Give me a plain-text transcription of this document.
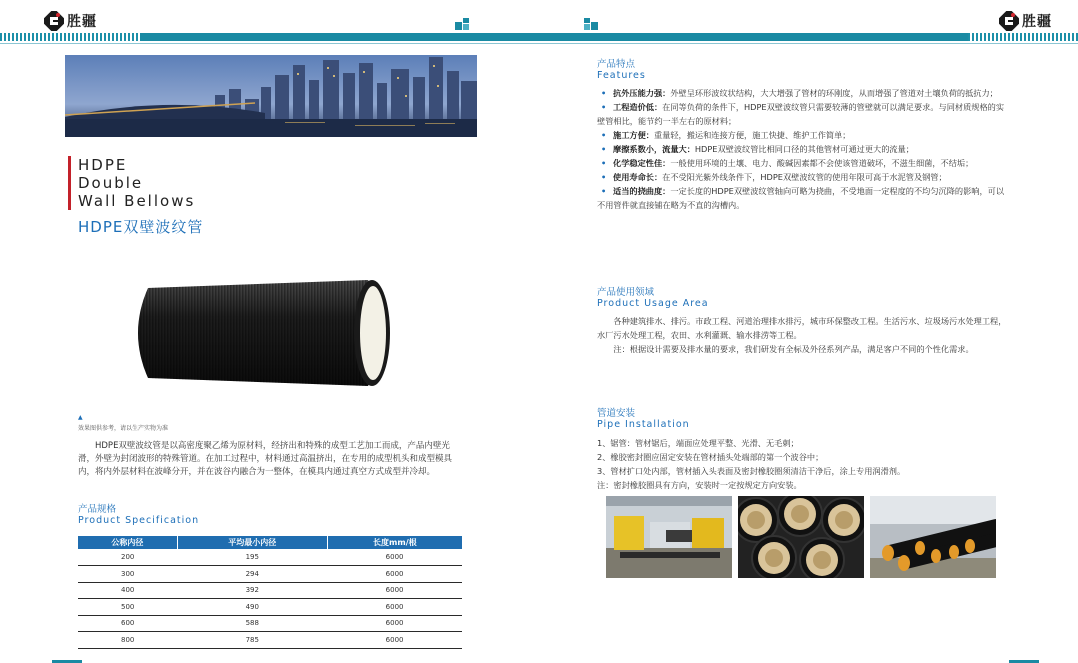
胜疆
HDPE
Double
Wall Bellows
HDPE双壁波纹管
▲
效果图供参考，请以生产实物为准

HDPE双壁波纹管是以高密度聚乙烯为原材料，经挤出和特殊的成型工艺加工而成，产品内壁光滑，外壁为封闭波形的特殊管道。在加工过程中，材料通过高温挤出，在专用的成型机头和成型模具内，将内外层材料在波峰分开，并在波谷内融合为一整体，在模具内通过真空方式成型并冷却。

产品规格
Product Specification
公称内径	平均最小内径	长度mm/根
200	195	6000
300	294	6000
400	392	6000
500	490	6000
600	588	6000
800	785	6000
胜疆
产品特点
Features
• 抗外压能力强：外壁呈环形波纹状结构，大大增强了管材的环刚度，从而增强了管道对土壤负荷的抵抗力；
• 工程造价低：在同等负荷的条件下，HDPE双壁波纹管只需要较薄的管壁就可以满足要求。与同材质规格的实壁管相比，能节约一半左右的原材料；
• 施工方便：重量轻，搬运和连接方便，施工快捷、维护工作简单；
• 摩擦系数小，流量大：HDPE双壁波纹管比相同口径的其他管材可通过更大的流量；
• 化学稳定性佳：一般使用环境的土壤、电力、酸碱因素都不会使该管道破坏，不滋生细菌，不结垢；
• 使用寿命长：在不受阳光紫外线条件下，HDPE双壁波纹管的使用年限可高于水泥管及钢管；
• 适当的挠曲度：一定长度的HDPE双壁波纹管轴向可略为挠曲，不受地面一定程度的不均匀沉降的影响，可以不用管件就直接铺在略为不直的沟槽内。
产品使用领域
Product Usage Area

各种建筑排水、排污。市政工程、河道治理排水排污，城市环保整改工程。生活污水、垃圾场污水处理工程，水厂污水处理工程，农田、水利灌溉、输水排涝等工程。

注：根据设计需要及排水量的要求，我们研发有全标及外径系列产品，满足客户不同的个性化需求。

管道安装
Pipe Installation
1、锯管：管材锯后，端面应处理平整、光滑、无毛刺；
2、橡胶密封圈应固定安装在管材插头处端部的第一个波谷中；
3、管材扩口处内部，管材插入头表面及密封橡胶圈须清洁干净后，涂上专用润滑剂。
注：密封橡胶圈具有方向，安装时一定按规定方向安装。
